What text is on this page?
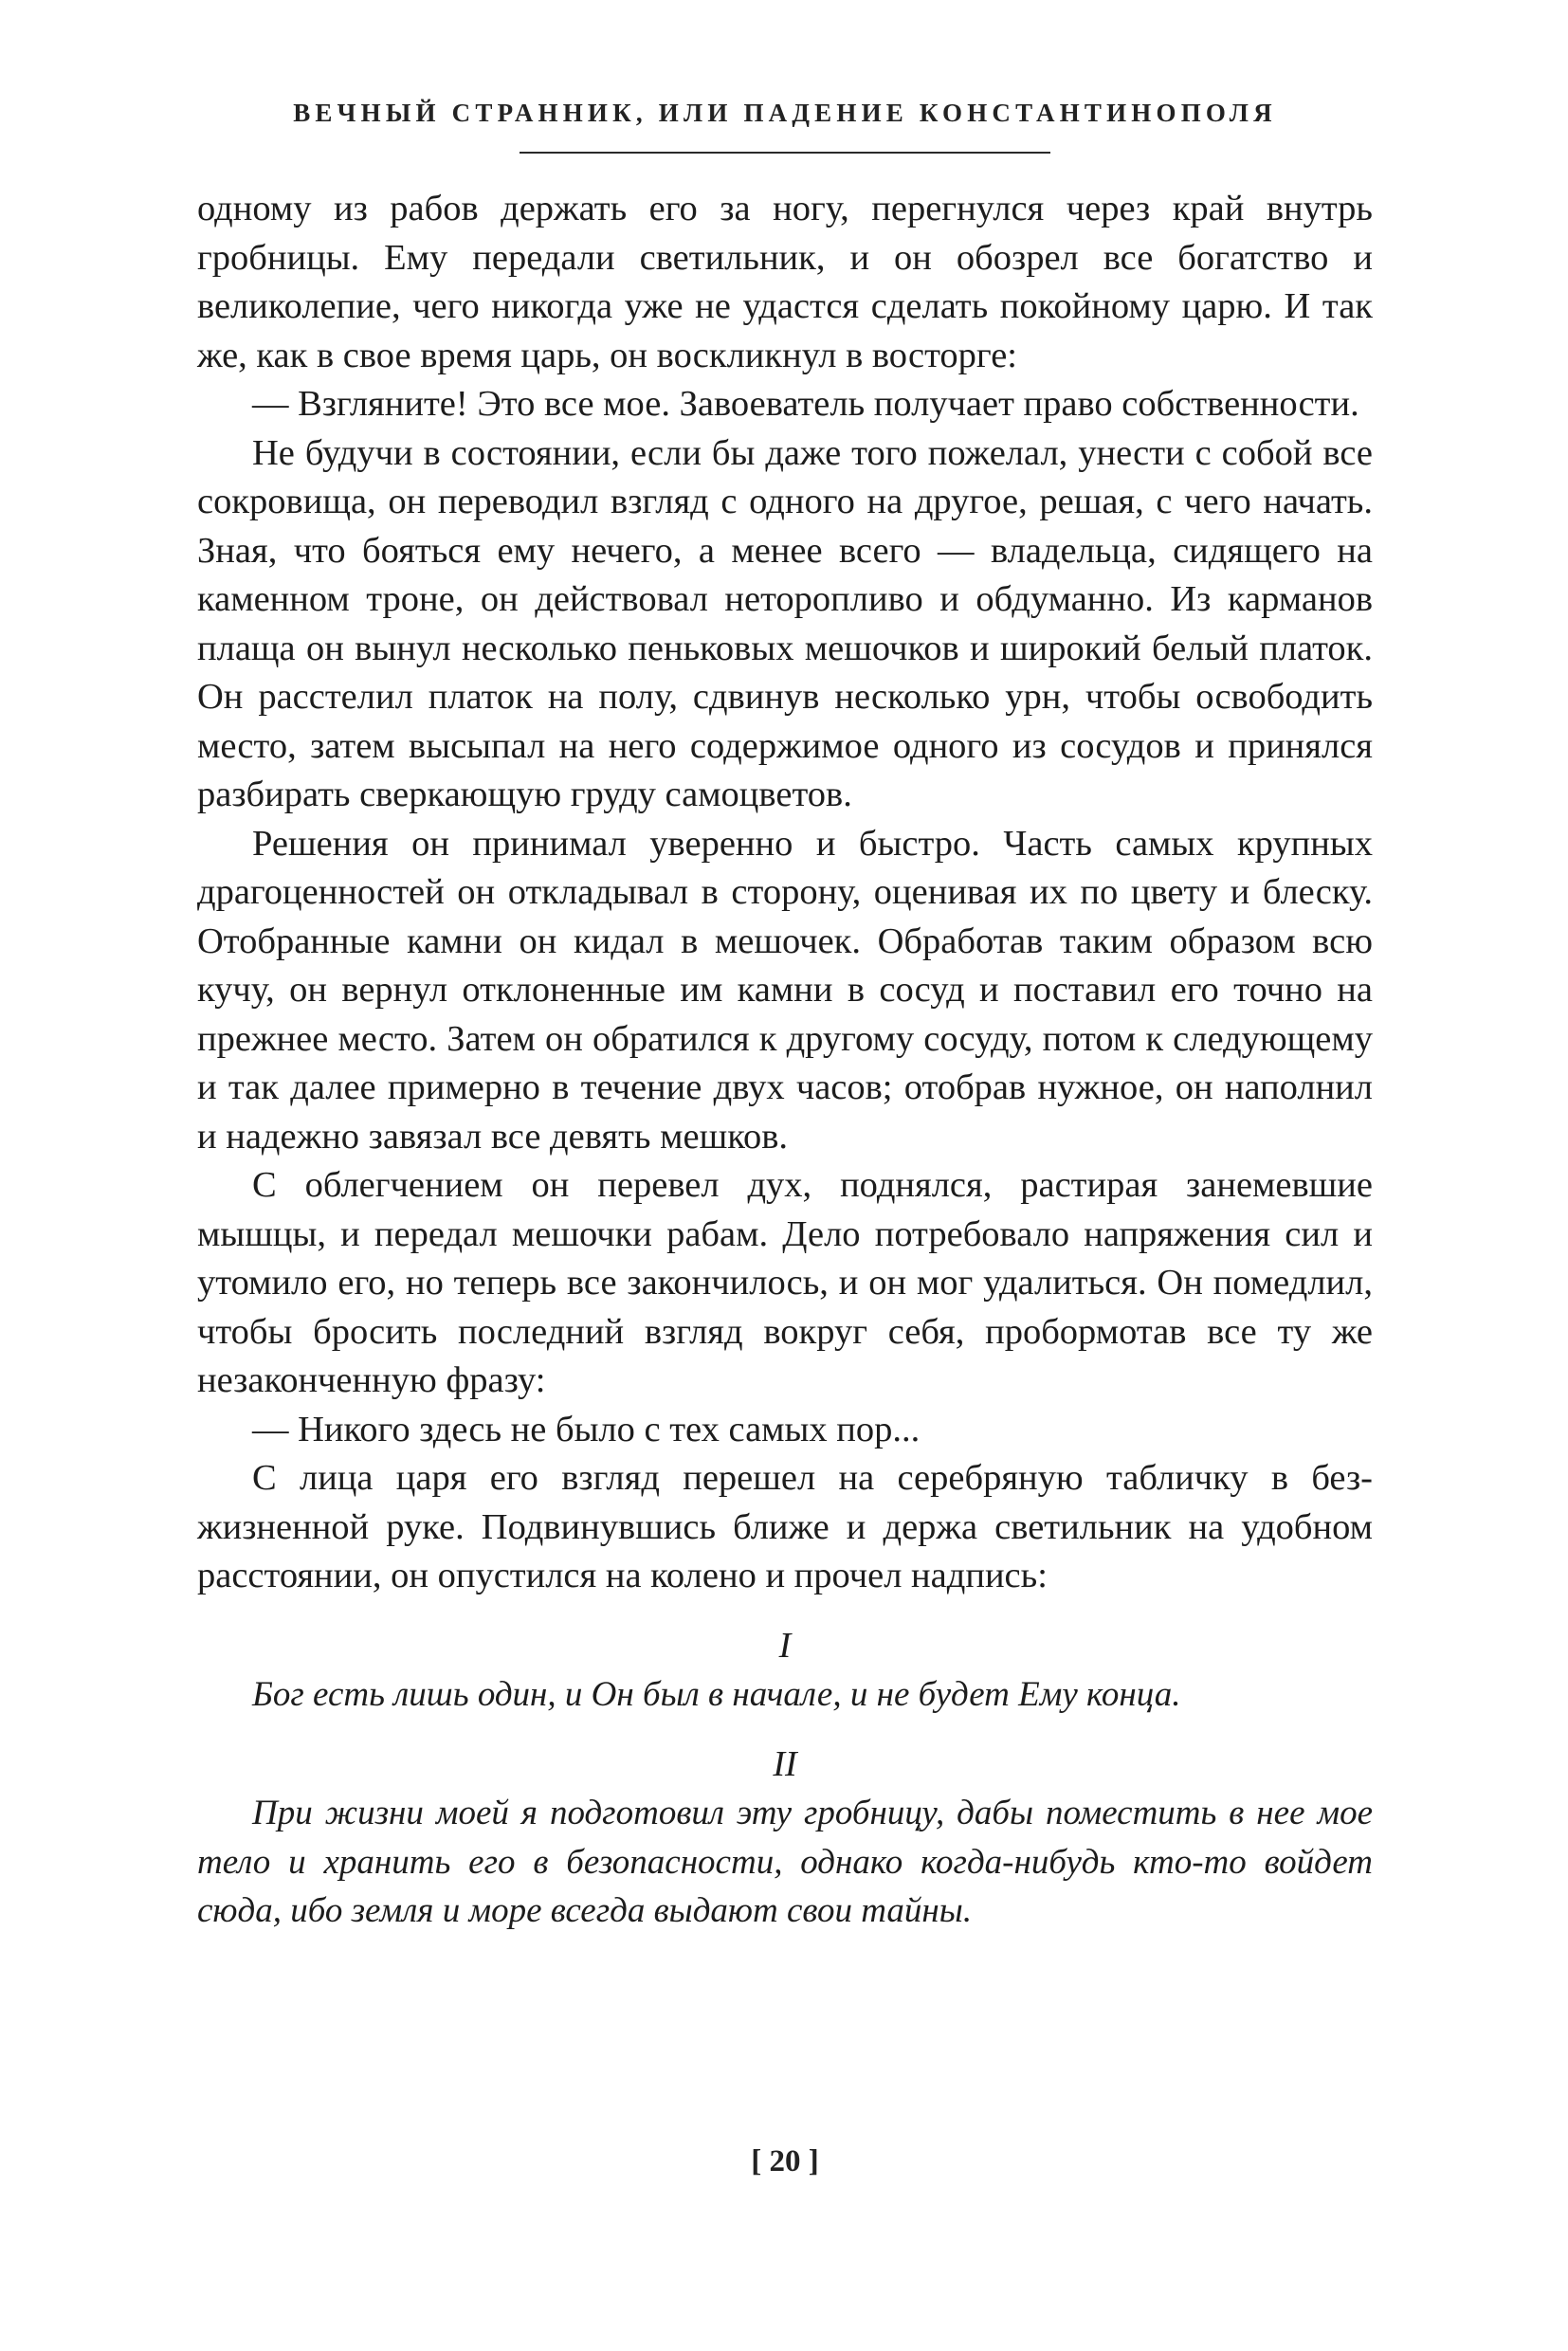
ВЕЧНЫЙ СТРАННИК, ИЛИ ПАДЕНИЕ КОНСТАНТИНОПОЛЯ

одному из рабов держать его за ногу, перегнулся через край внутрь гробницы. Ему передали светильник, и он обозрел все богатство и великолепие, чего никогда уже не удастся сделать покойному царю. И так же, как в свое время царь, он воскликнул в восторге:

— Взгляните! Это все мое. Завоеватель получает право собственности.

Не будучи в состоянии, если бы даже того пожелал, унести с собой все сокровища, он переводил взгляд с одного на другое, решая, с чего начать. Зная, что бояться ему нечего, а менее всего — владельца, сидящего на каменном троне, он действовал неторопливо и обдуманно. Из карманов плаща он вынул несколько пеньковых мешочков и широкий белый платок. Он расстелил платок на полу, сдвинув несколько урн, чтобы освободить место, затем высыпал на него содержимое одного из сосудов и принялся разбирать сверкающую груду самоцветов.

Решения он принимал уверенно и быстро. Часть самых крупных драгоценностей он откладывал в сторону, оценивая их по цвету и блеску. Отобранные камни он кидал в мешочек. Обработав таким образом всю кучу, он вернул отклоненные им камни в сосуд и поставил его точно на прежнее место. Затем он обратился к другому сосуду, потом к следующему и так далее примерно в течение двух часов; отобрав нужное, он наполнил и надежно завязал все девять мешков.

С облегчением он перевел дух, поднялся, растирая занемевшие мышцы, и передал мешочки рабам. Дело потребовало напряжения сил и утомило его, но теперь все закончилось, и он мог удалиться. Он помедлил, чтобы бросить последний взгляд вокруг себя, пробормотав все ту же незаконченную фразу:

— Никого здесь не было с тех самых пор...

С лица царя его взгляд перешел на серебряную табличку в безжизненной руке. Подвинувшись ближе и держа светильник на удобном расстоянии, он опустился на колено и прочел надпись:

I

Бог есть лишь один, и Он был в начале, и не будет Ему конца.

II

При жизни моей я подготовил эту гробницу, дабы поместить в нее мое тело и хранить его в безопасности, однако когда-нибудь кто-то войдет сюда, ибо земля и море всегда выдают свои тайны.

[ 20 ]
